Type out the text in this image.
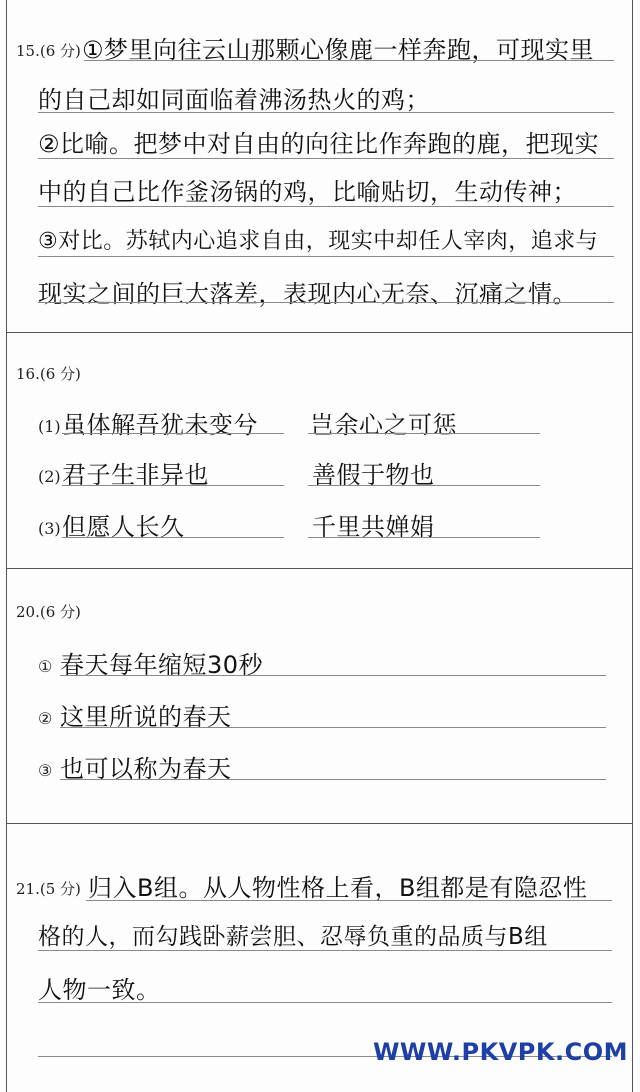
15.(6 分) ①梦里向往云山那颗心像鹿一样奔跑，可现实里
的自己却如同面临着沸汤热火的鸡；
②比喻。把梦中对自由的向往比作奔跑的鹿，把现实
中的自己比作釜汤锅的鸡，比喻贴切，生动传神；
③对比。苏轼内心追求自由，现实中却任人宰肉，追求与
现实之间的巨大落差，表现内心无奈、沉痛之情。
16.(6 分)
(1) 虽体解吾犹未变兮 岂余心之可惩
(2) 君子生非异也	善假于物也
(3) 但愿人长久	千里共婵娟
20.(6 分)
① 春天每年缩短30秒
② 这里所说的春天
③ 也可以称为春天
21.(5 分) 归入B组。从人物性格上看，B组都是有隐忍性
格的人，而勾践卧薪尝胆、忍辱负重的品质与B组
人物一致。
WWW.PKVPK.COM
